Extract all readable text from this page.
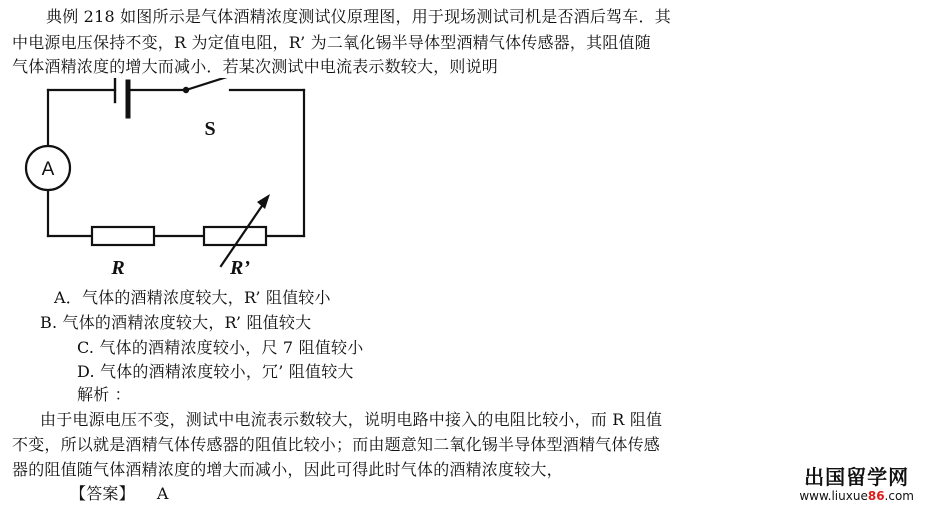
典例 218 如图所示是气体酒精浓度测试仪原理图，用于现场测试司机是否酒后驾车．其
中电源电压保持不变，R 为定值电阻，R’ 为二氧化锡半导体型酒精气体传感器，其阻值随
气体酒精浓度的增大而减小．若某次测试中电流表示数较大，则说明
A
S
R	R’
A．气体的酒精浓度较大，R’ 阻值较小
B. 气体的酒精浓度较大，R’ 阻值较大
C. 气体的酒精浓度较小，尺 7 阻值较小
D. 气体的酒精浓度较小，冗’ 阻值较大
解析 ：
由于电源电压不变，测试中电流表示数较大，说明电路中接入的电阻比较小，而 R 阻值
不变，所以就是酒精气体传感器的阻值比较小；而由题意知二氧化锡半导体型酒精气体传感
器的阻值随气体酒精浓度的增大而减小，因此可得此时气体的酒精浓度较大，
【答案】 A
出国留学网
www.liuxue86.com
